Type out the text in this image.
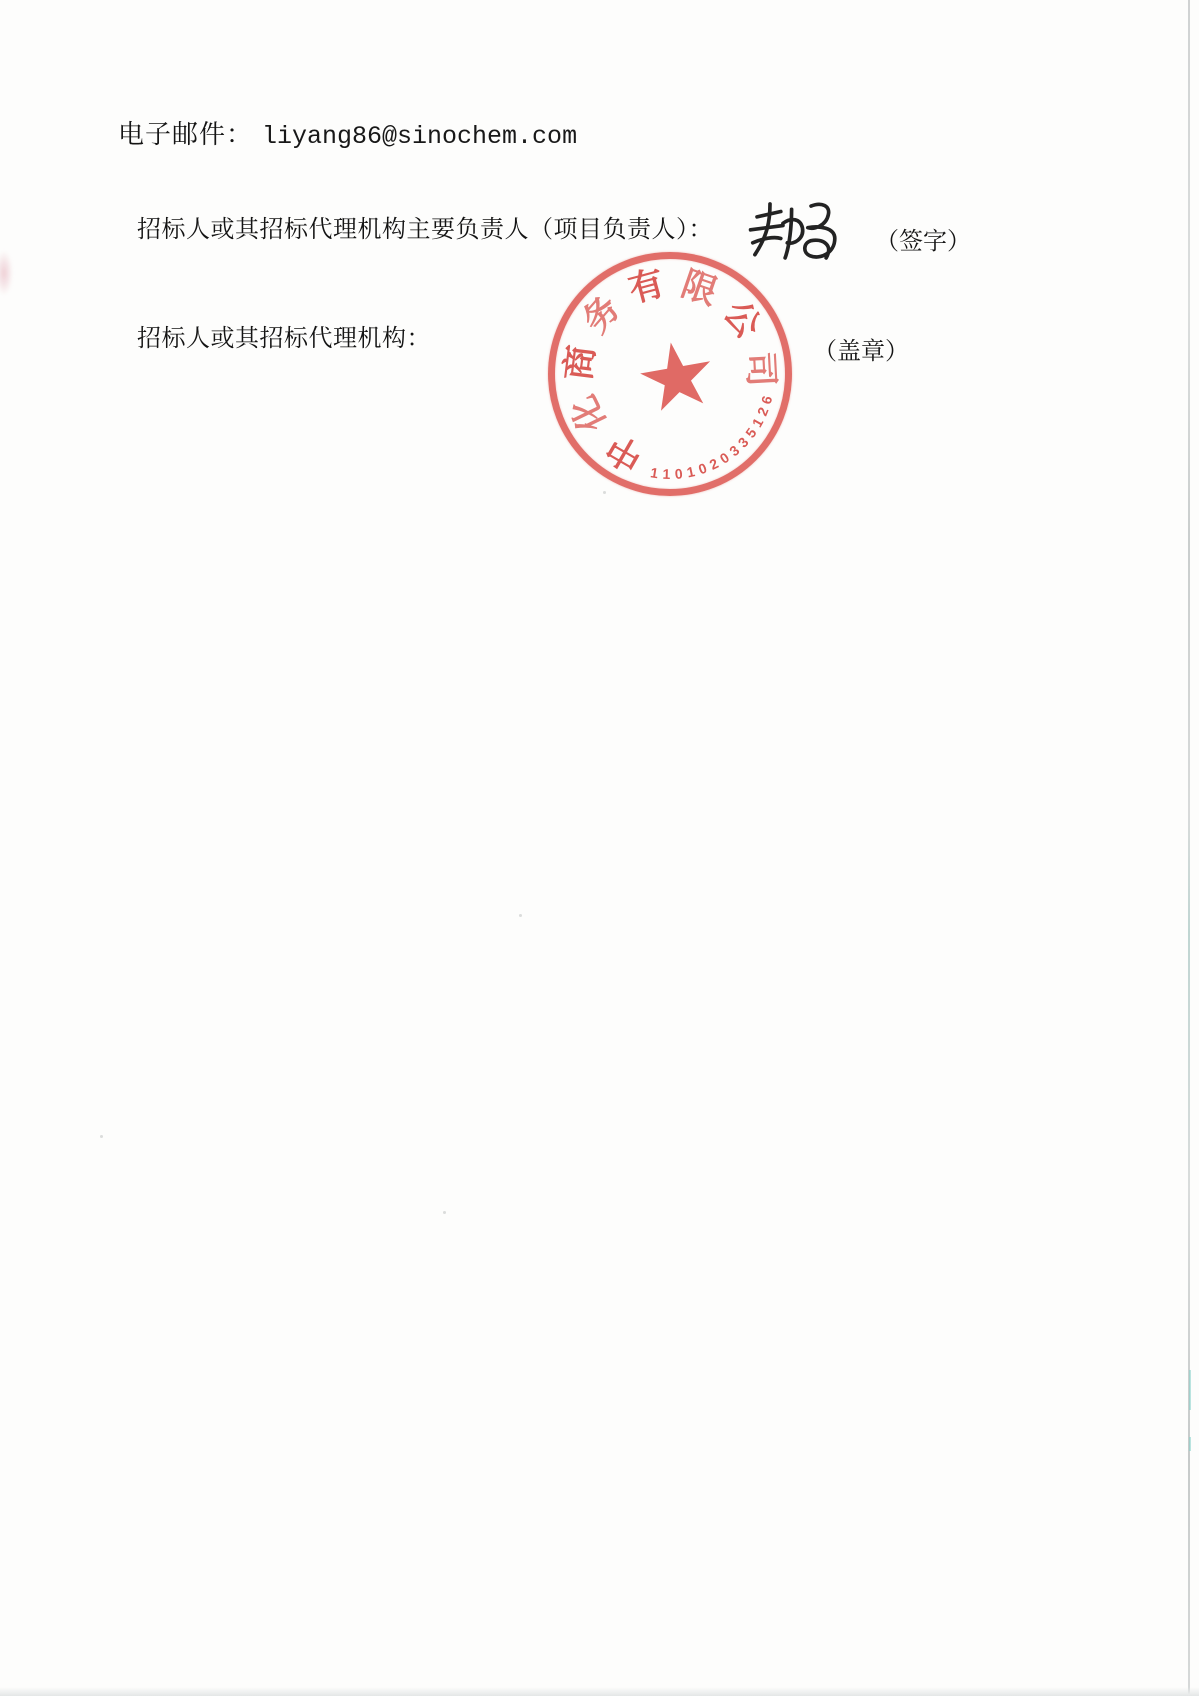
电子邮件： liyang86@sinochem.com
招标人或其招标代理机构主要负责人（项目负责人）：	（签字）
招标人或其招标代理机构：	（盖章）
中
化
商
务
有 限
公
司
1 1 0 1 0
2
0
3
3
5
1
2
6
